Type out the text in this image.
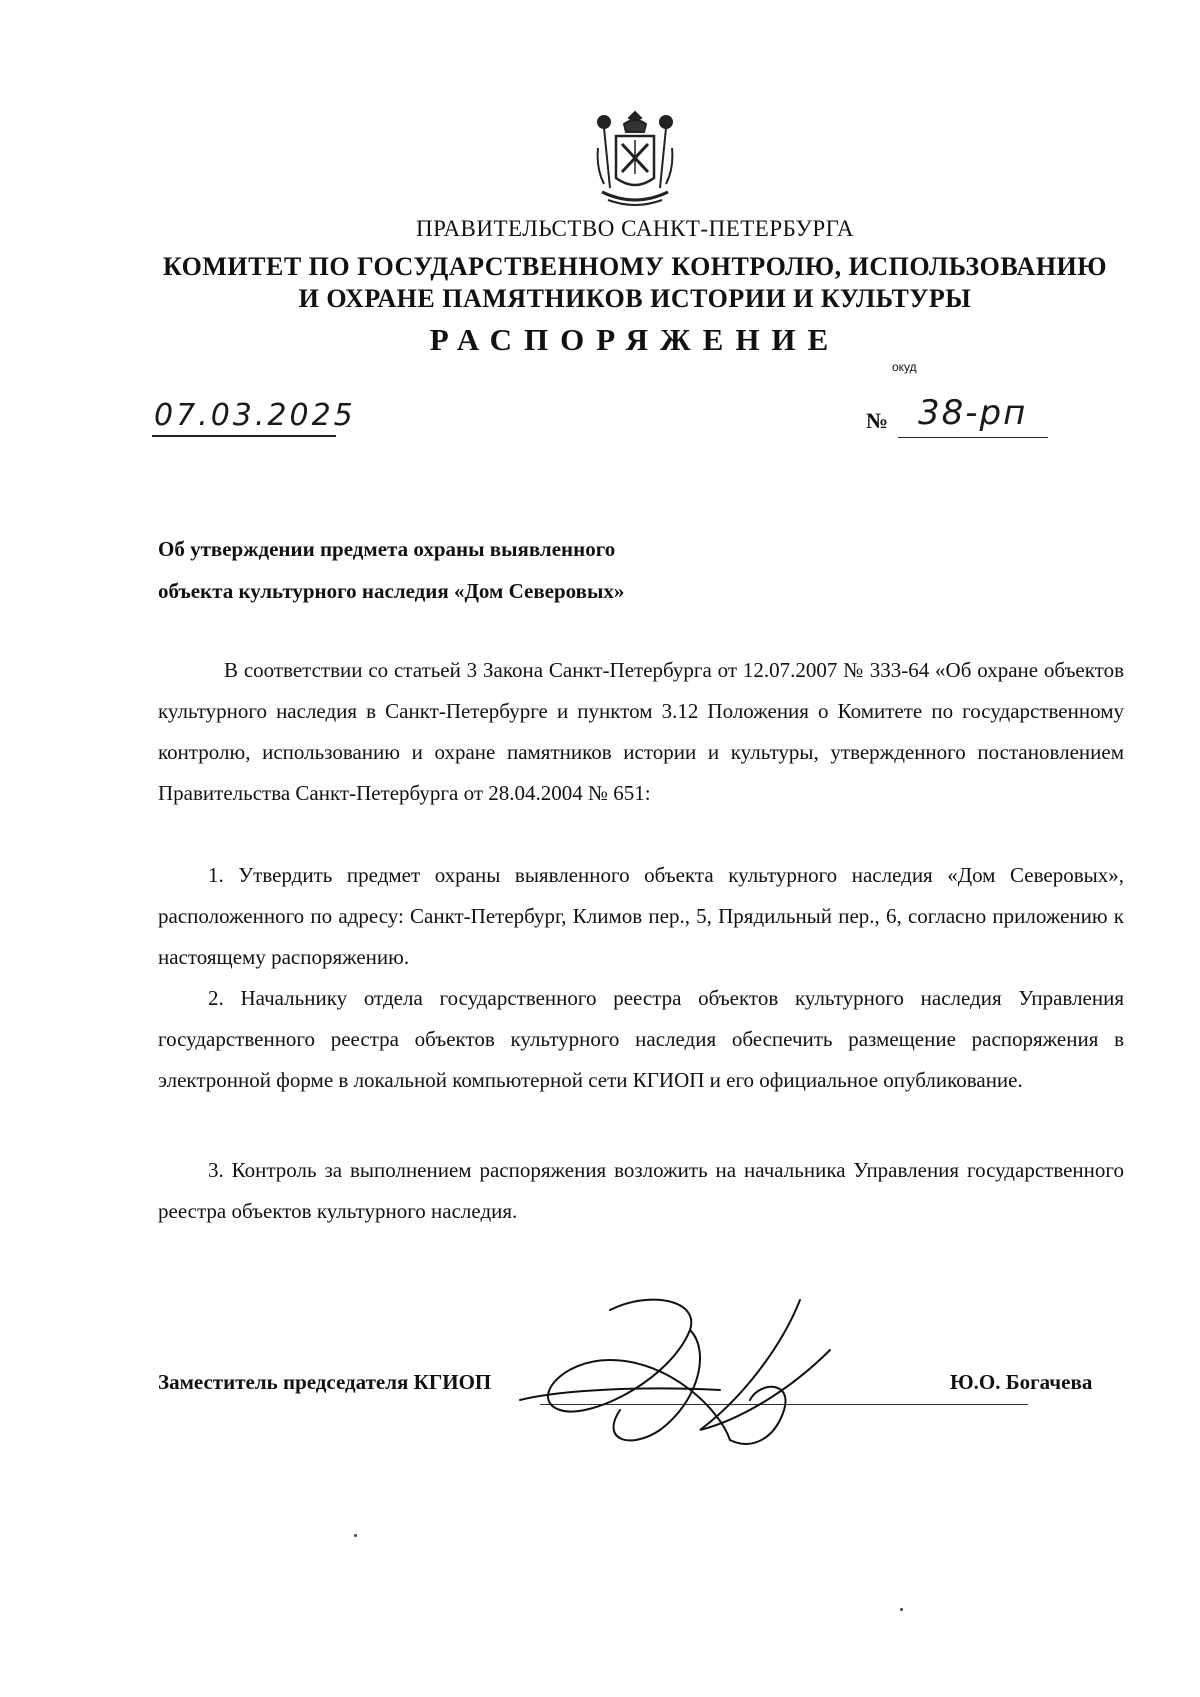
ПРАВИТЕЛЬСТВО САНКТ-ПЕТЕРБУРГА
КОМИТЕТ ПО ГОСУДАРСТВЕННОМУ КОНТРОЛЮ, ИСПОЛЬЗОВАНИЮ
И ОХРАНЕ ПАМЯТНИКОВ ИСТОРИИ И КУЛЬТУРЫ
РАСПОРЯЖЕНИЕ
окуд
07.03.2025	№ 38-рп
Об утверждении предмета охраны выявленного
объекта культурного наследия «Дом Северовых»
В соответствии со статьей 3 Закона Санкт-Петербурга от 12.07.2007 № 333-64 «Об охране объектов культурного наследия в Санкт-Петербурге и пунктом 3.12 Положения о Комитете по государственному контролю, использованию и охране памятников истории и культуры, утвержденного постановлением Правительства Санкт-Петербурга от 28.04.2004 № 651:
1. Утвердить предмет охраны выявленного объекта культурного наследия «Дом Северовых», расположенного по адресу: Санкт-Петербург, Климов пер., 5, Прядильный пер., 6, согласно приложению к настоящему распоряжению.
2. Начальнику отдела государственного реестра объектов культурного наследия Управления государственного реестра объектов культурного наследия обеспечить размещение распоряжения в электронной форме в локальной компьютерной сети КГИОП и его официальное опубликование.
3. Контроль за выполнением распоряжения возложить на начальника Управления государственного реестра объектов культурного наследия.
Заместитель председателя КГИОП	Ю.О. Богачева
